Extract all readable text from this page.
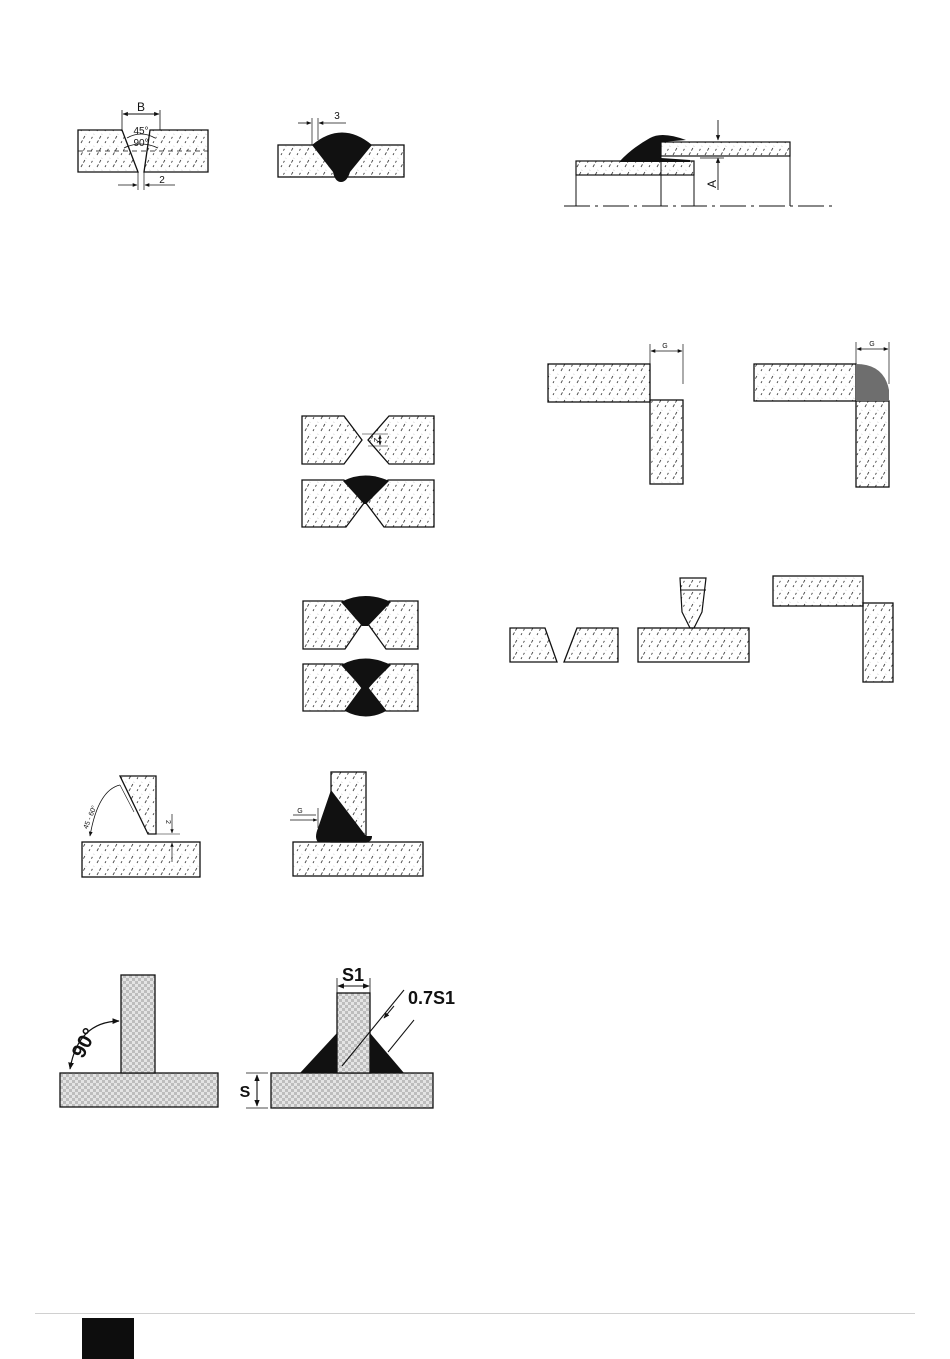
B
45°
90°
2
3
A
G	G
2
45 - 60°	2
G
90°
S1
0.7S1
S
